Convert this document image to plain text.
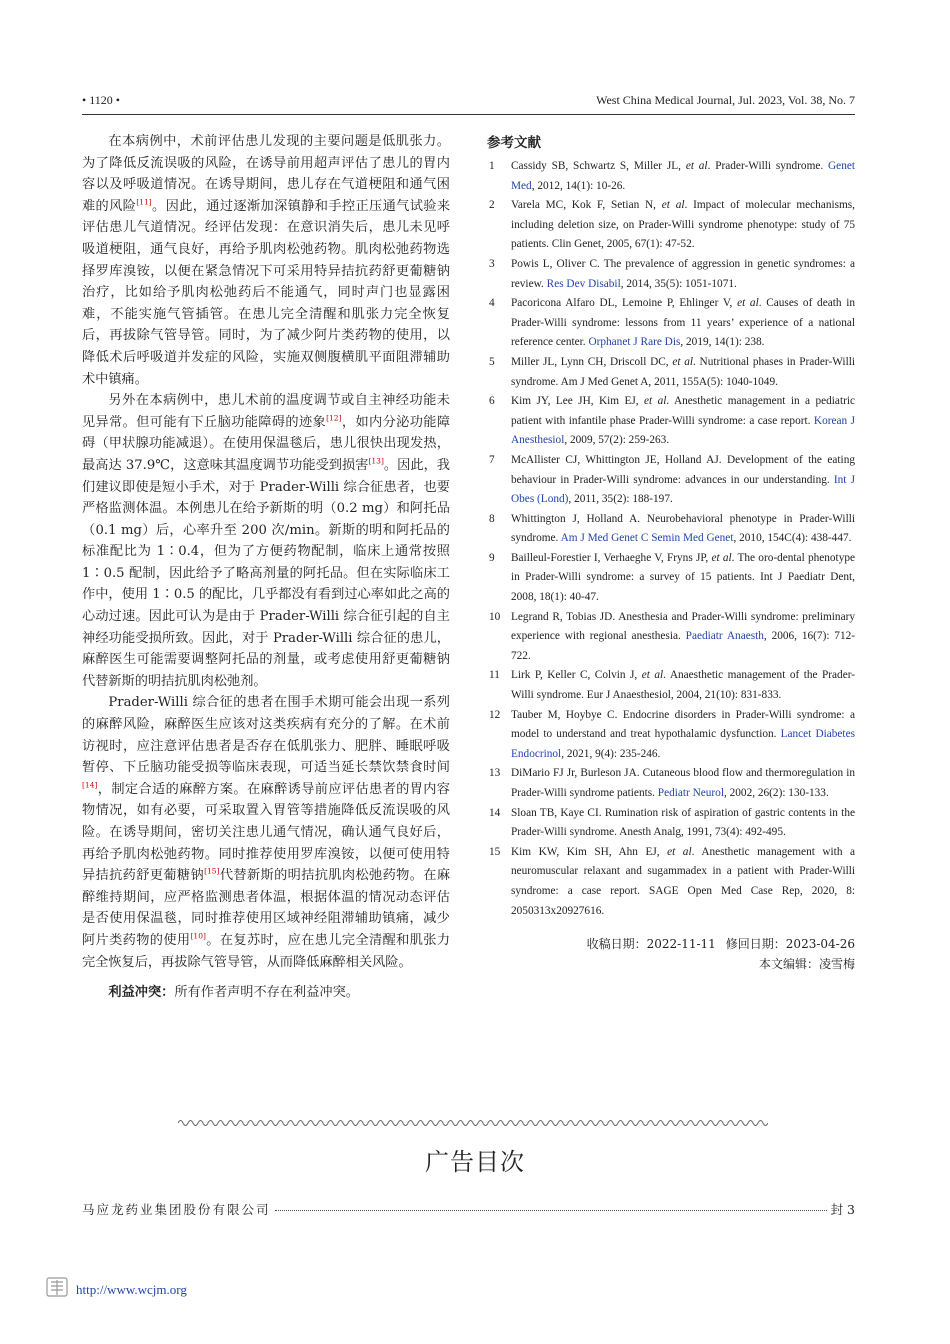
• 1120 •	West China Medical Journal, Jul. 2023, Vol. 38, No. 7

在本病例中，术前评估患儿发现的主要问题是低肌张力。为了降低反流误吸的风险，在诱导前用超声评估了患儿的胃内容以及呼吸道情况。在诱导期间，患儿存在气道梗阻和通气困难的风险[11]。因此，通过逐渐加深镇静和手控正压通气试验来评估患儿气道情况。经评估发现：在意识消失后，患儿未见呼吸道梗阻，通气良好，再给予肌肉松弛药物。肌肉松弛药物选择罗库溴铵，以便在紧急情况下可采用特异拮抗药舒更葡糖钠治疗，比如给予肌肉松弛药后不能通气，同时声门也显露困难，不能实施气管插管。在患儿完全清醒和肌张力完全恢复后，再拔除气管导管。同时，为了减少阿片类药物的使用，以降低术后呼吸道并发症的风险，实施双侧腹横肌平面阻滞辅助术中镇痛。

另外在本病例中，患儿术前的温度调节或自主神经功能未见异常。但可能有下丘脑功能障碍的迹象[12]，如内分泌功能障碍（甲状腺功能减退）。在使用保温毯后，患儿很快出现发热，最高达 37.9℃，这意味其温度调节功能受到损害[13]。因此，我们建议即使是短小手术，对于 Prader-Willi 综合征患者，也要严格监测体温。本例患儿在给予新斯的明（0.2 mg）和阿托品（0.1 mg）后，心率升至 200 次/min。新斯的明和阿托品的标准配比为 1∶0.4，但为了方便药物配制，临床上通常按照 1∶0.5 配制，因此给予了略高剂量的阿托品。但在实际临床工作中，使用 1∶0.5 的配比，几乎都没有看到过心率如此之高的心动过速。因此可认为是由于 Prader-Willi 综合征引起的自主神经功能受损所致。因此，对于 Prader-Willi 综合征的患儿，麻醉医生可能需要调整阿托品的剂量，或考虑使用舒更葡糖钠代替新斯的明拮抗肌肉松弛剂。

Prader-Willi 综合征的患者在围手术期可能会出现一系列的麻醉风险，麻醉医生应该对这类疾病有充分的了解。在术前访视时，应注意评估患者是否存在低肌张力、肥胖、睡眠呼吸暂停、下丘脑功能受损等临床表现，可适当延长禁饮禁食时间[14]，制定合适的麻醉方案。在麻醉诱导前应评估患者的胃内容物情况，如有必要，可采取置入胃管等措施降低反流误吸的风险。在诱导期间，密切关注患儿通气情况，确认通气良好后，再给予肌肉松弛药物。同时推荐使用罗库溴铵，以便可使用特异拮抗药舒更葡糖钠[15]代替新斯的明拮抗肌肉松弛药物。在麻醉维持期间，应严格监测患者体温，根据体温的情况动态评估是否使用保温毯，同时推荐使用区域神经阻滞辅助镇痛，减少阿片类药物的使用[10]。在复苏时，应在患儿完全清醒和肌张力完全恢复后，再拔除气管导管，从而降低麻醉相关风险。

利益冲突：所有作者声明不存在利益冲突。

参考文献
1	Cassidy SB, Schwartz S, Miller JL, et al. Prader-Willi syndrome. Genet Med, 2012, 14(1): 10-26.
2	Varela MC, Kok F, Setian N, et al. Impact of molecular mechanisms, including deletion size, on Prader-Willi syndrome phenotype: study of 75 patients. Clin Genet, 2005, 67(1): 47-52.
3	Powis L, Oliver C. The prevalence of aggression in genetic syndromes: a review. Res Dev Disabil, 2014, 35(5): 1051-1071.
4	Pacoricona Alfaro DL, Lemoine P, Ehlinger V, et al. Causes of death in Prader-Willi syndrome: lessons from 11 years’ experience of a national reference center. Orphanet J Rare Dis, 2019, 14(1): 238.
5	Miller JL, Lynn CH, Driscoll DC, et al. Nutritional phases in Prader-Willi syndrome. Am J Med Genet A, 2011, 155A(5): 1040-1049.
6	Kim JY, Lee JH, Kim EJ, et al. Anesthetic management in a pediatric patient with infantile phase Prader-Willi syndrome: a case report. Korean J Anesthesiol, 2009, 57(2): 259-263.
7	McAllister CJ, Whittington JE, Holland AJ. Development of the eating behaviour in Prader-Willi syndrome: advances in our understanding. Int J Obes (Lond), 2011, 35(2): 188-197.
8	Whittington J, Holland A. Neurobehavioral phenotype in Prader-Willi syndrome. Am J Med Genet C Semin Med Genet, 2010, 154C(4): 438-447.
9	Bailleul-Forestier I, Verhaeghe V, Fryns JP, et al. The oro-dental phenotype in Prader-Willi syndrome: a survey of 15 patients. Int J Paediatr Dent, 2008, 18(1): 40-47.
10 Legrand R, Tobias JD. Anesthesia and Prader-Willi syndrome: preliminary experience with regional anesthesia. Paediatr Anaesth, 2006, 16(7): 712-722.
11 Lirk P, Keller C, Colvin J, et al. Anaesthetic management of the Prader-Willi syndrome. Eur J Anaesthesiol, 2004, 21(10): 831-833.
12 Tauber M, Hoybye C. Endocrine disorders in Prader-Willi syndrome: a model to understand and treat hypothalamic dysfunction. Lancet Diabetes Endocrinol, 2021, 9(4): 235-246.
13 DiMario FJ Jr, Burleson JA. Cutaneous blood flow and thermoregulation in Prader-Willi syndrome patients. Pediatr Neurol, 2002, 26(2): 130-133.
14 Sloan TB, Kaye CI. Rumination risk of aspiration of gastric contents in the Prader-Willi syndrome. Anesth Analg, 1991, 73(4): 492-495.
15 Kim KW, Kim SH, Ahn EJ, et al. Anesthetic management with a neuromuscular relaxant and sugammadex in a patient with Prader-Willi syndrome: a case report. SAGE Open Med Case Rep, 2020, 8: 2050313x20927616.
收稿日期：2022-11-11 修回日期：2023-04-26
本文编辑：凌雪梅
广告目次
马应龙药业集团股份有限公司	封 3
http://www.wcjm.org
